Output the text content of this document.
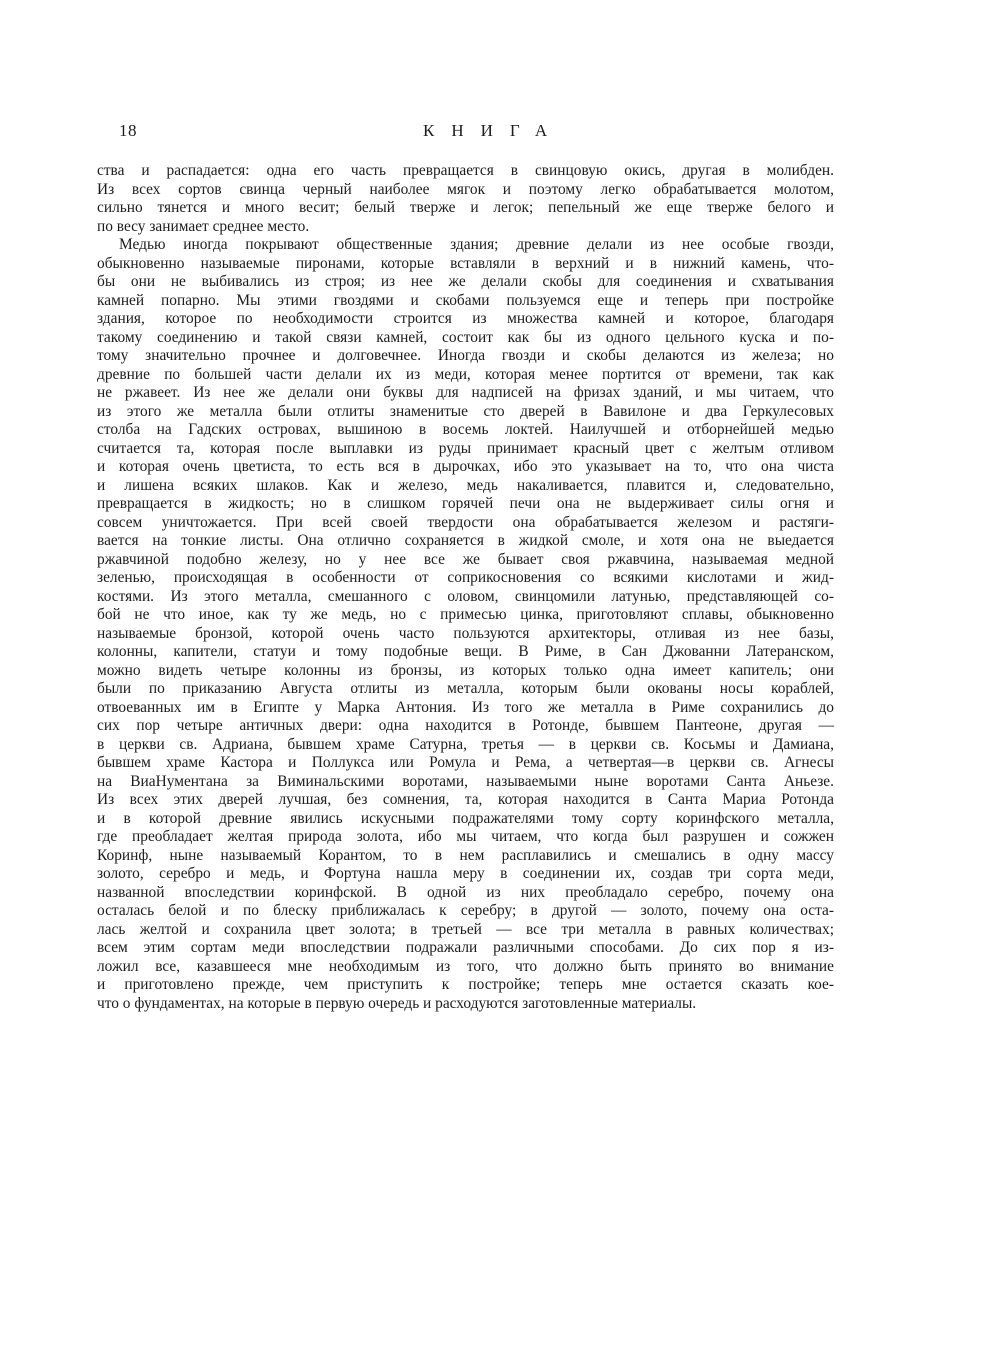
18	КНИГА
ства и распадается: одна его часть превращается в свинцовую окись, другая в молибден.
Из всех сортов свинца черный наиболее мягок и поэтому легко обрабатывается молотом,
сильно тянется и много весит; белый тверже и легок; пепельный же еще тверже белого и
по весу занимает среднее место.
Медью иногда покрывают общественные здания; древние делали из нее особые гвозди,
обыкновенно называемые пиронами, которые вставляли в верхний и в нижний камень, что-
бы они не выбивались из строя; из нее же делали скобы для соединения и схватывания
камней попарно. Мы этими гвоздями и скобами пользуемся еще и теперь при постройке
здания, которое по необходимости строится из множества камней и которое, благодаря
такому соединению и такой связи камней, состоит как бы из одного цельного куска и по-
тому значительно прочнее и долговечнее. Иногда гвозди и скобы делаются из железа; но
древние по большей части делали их из меди, которая менее портится от времени, так как
не ржавеет. Из нее же делали они буквы для надписей на фризах зданий, и мы читаем, что
из этого же металла были отлиты знаменитые сто дверей в Вавилоне и два Геркулесовых
столба на Гадских островах, вышиною в восемь локтей. Наилучшей и отборнейшей медью
считается та, которая после выплавки из руды принимает красный цвет с желтым отливом
и которая очень цветиста, то есть вся в дырочках, ибо это указывает на то, что она чиста
и лишена всяких шлаков. Как и железо, медь накаливается, плавится и, следовательно,
превращается в жидкость; но в слишком горячей печи она не выдерживает силы огня и
совсем уничтожается. При всей своей твердости она обрабатывается железом и растяги-
вается на тонкие листы. Она отлично сохраняется в жидкой смоле, и хотя она не выедается
ржавчиной подобно железу, но у нее все же бывает своя ржавчина, называемая медной
зеленью, происходящая в особенности от соприкосновения со всякими кислотами и жид-
костями. Из этого металла, смешанного с оловом, свинцомили латунью, представляющей со-
бой не что иное, как ту же медь, но с примесью цинка, приготовляют сплавы, обыкновенно
называемые бронзой, которой очень часто пользуются архитекторы, отливая из нее базы,
колонны, капители, статуи и тому подобные вещи. В Риме, в Сан Джованни Латеранском,
можно видеть четыре колонны из бронзы, из которых только одна имеет капитель; они
были по приказанию Августа отлиты из металла, которым были окованы носы кораблей,
отвоеванных им в Египте у Марка Антония. Из того же металла в Риме сохранились до
сих пор четыре античных двери: одна находится в Ротонде, бывшем Пантеоне, другая —
в церкви св. Адриана, бывшем храме Сатурна, третья — в церкви св. Косьмы и Дамиана,
бывшем храме Кастора и Поллукса или Ромула и Рема, а четвертая—в церкви св. Агнесы
на ВиаНумeнтана за Виминальскими воротами, называемыми ныне воротами Санта Аньезе.
Из всех этих дверей лучшая, без сомнения, та, которая находится в Санта Мариа Ротонда
и в которой древние явились искусными подражателями тому сорту коринфского металла,
где преобладает желтая природа золота, ибо мы читаем, что когда был разрушен и сожжен
Коринф, ныне называемый Корантом, то в нем расплавились и смешались в одну массу
золото, серебро и медь, и Фортуна нашла меру в соединении их, создав три сорта меди,
названной впоследствии коринфской. В одной из них преобладало серебро, почему она
осталась белой и по блеску приближалась к серебру; в другой — золото, почему она оста-
лась желтой и сохранила цвет золота; в третьей — все три металла в равных количествах;
всем этим сортам меди впоследствии подражали различными способами. До сих пор я из-
ложил все, казавшееся мне необходимым из того, что должно быть принято во внимание
и приготовлено прежде, чем приступить к постройке; теперь мне остается сказать кое-
что о фундаментах, на которые в первую очередь и расходуются заготовленные материалы.
